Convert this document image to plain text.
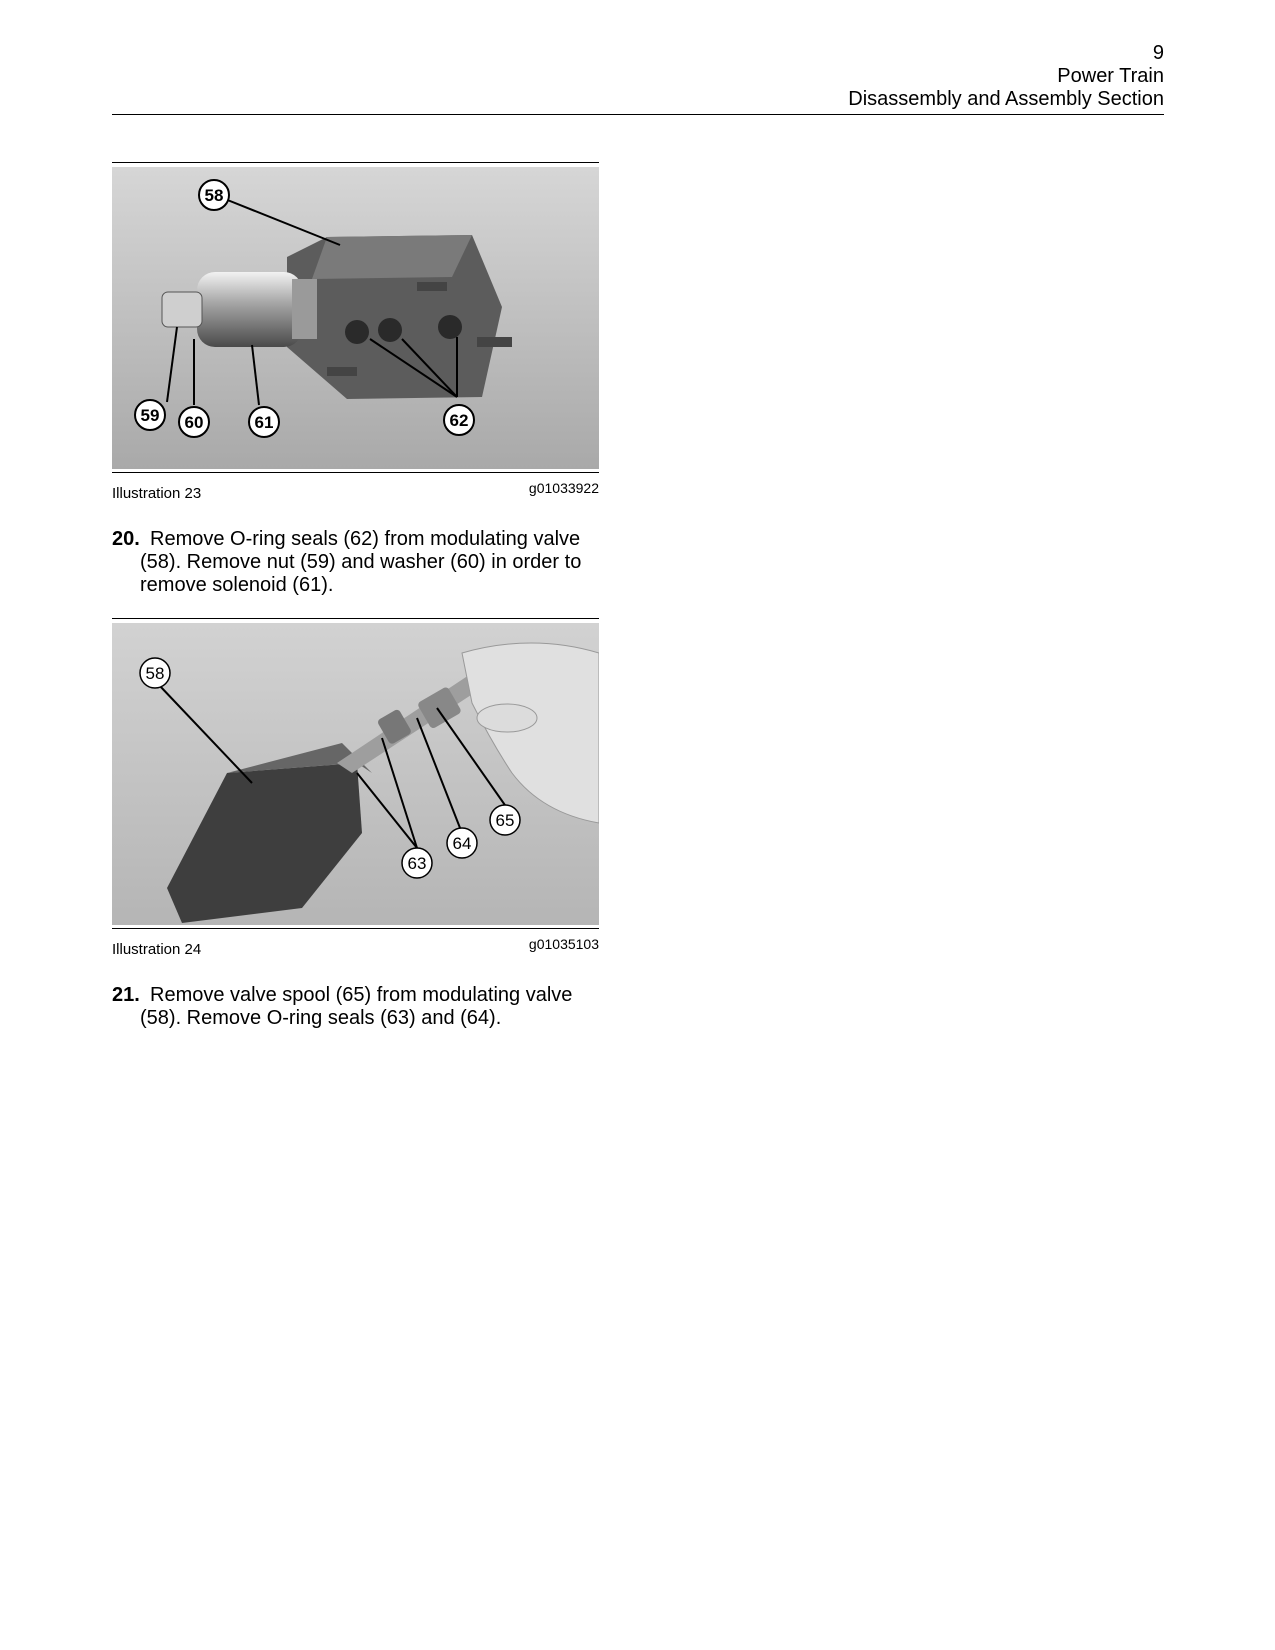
9
Power Train
Disassembly and Assembly Section
58
59 60	61	62
Illustration 23	g01033922
20. Remove O-ring seals (62) from modulating valve
(58). Remove nut (59) and washer (60) in order to
remove solenoid (61).
58
63
64
65
Illustration 24	g01035103
21. Remove valve spool (65) from modulating valve
(58). Remove O-ring seals (63) and (64).
